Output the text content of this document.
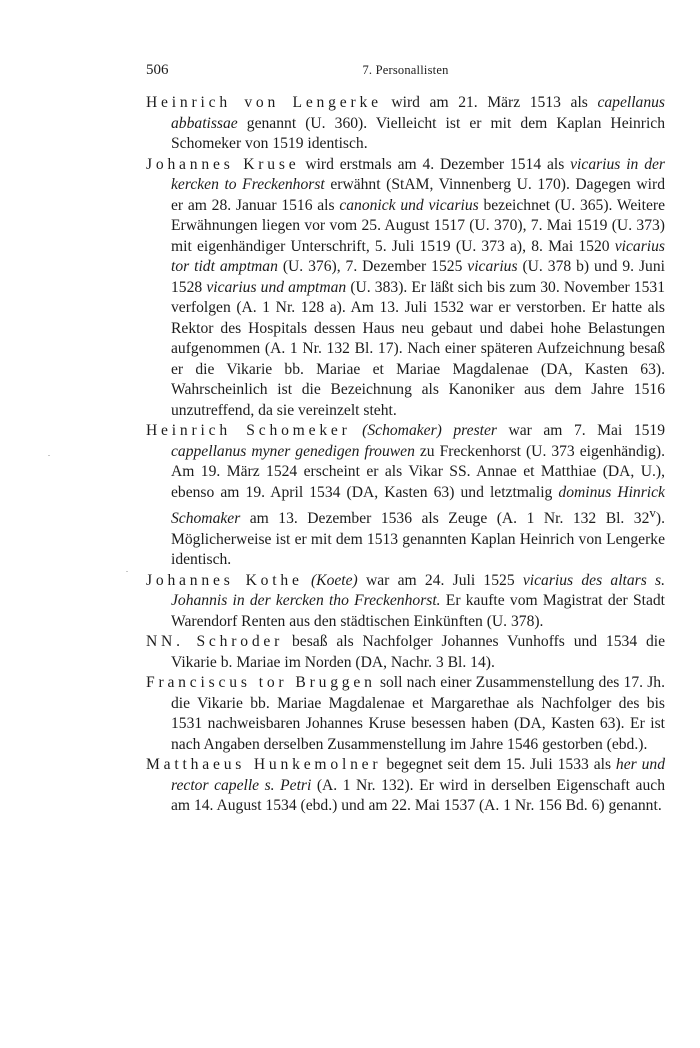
506	7. Personallisten

Heinrich von Lengerke wird am 21. März 1513 als capellanus abbatissae genannt (U. 360). Vielleicht ist er mit dem Kaplan Heinrich Schomeker von 1519 identisch.

Johannes Kruse wird erstmals am 4. Dezember 1514 als vicarius in der kercken to Freckenhorst erwähnt (StAM, Vinnenberg U. 170). Dagegen wird er am 28. Januar 1516 als canonick und vicarius bezeichnet (U. 365). Weitere Erwähnungen liegen vor vom 25. August 1517 (U. 370), 7. Mai 1519 (U. 373) mit eigenhändiger Unterschrift, 5. Juli 1519 (U. 373 a), 8. Mai 1520 vicarius tor tidt amptman (U. 376), 7. Dezember 1525 vicarius (U. 378 b) und 9. Juni 1528 vicarius und amptman (U. 383). Er läßt sich bis zum 30. November 1531 verfolgen (A. 1 Nr. 128 a). Am 13. Juli 1532 war er verstorben. Er hatte als Rektor des Hospitals dessen Haus neu gebaut und dabei hohe Belastungen aufgenommen (A. 1 Nr. 132 Bl. 17). Nach einer späteren Aufzeichnung besaß er die Vikarie bb. Mariae et Mariae Magdalenae (DA, Kasten 63). Wahrscheinlich ist die Bezeichnung als Kanoniker aus dem Jahre 1516 unzutreffend, da sie vereinzelt steht.

Heinrich Schomeker (Schomaker) prester war am 7. Mai 1519 cappellanus myner genedigen frouwen zu Freckenhorst (U. 373 eigenhändig). Am 19. März 1524 erscheint er als Vikar SS. Annae et Matthiae (DA, U.), ebenso am 19. April 1534 (DA, Kasten 63) und letztmalig dominus Hinrick Schomaker am 13. Dezember 1536 als Zeuge (A. 1 Nr. 132 Bl. 32$^v$). Möglicherweise ist er mit dem 1513 genannten Kaplan Heinrich von Lengerke identisch.

Johannes Kothe (Koete) war am 24. Juli 1525 vicarius des altars s. Johannis in der kercken tho Freckenhorst. Er kaufte vom Magistrat der Stadt Warendorf Renten aus den städtischen Einkünften (U. 378).

NN. Schroder besaß als Nachfolger Johannes Vunhoffs und 1534 die Vikarie b. Mariae im Norden (DA, Nachr. 3 Bl. 14).

Franciscus tor Bruggen soll nach einer Zusammenstellung des 17. Jh. die Vikarie bb. Mariae Magdalenae et Margarethae als Nachfolger des bis 1531 nachweisbaren Johannes Kruse besessen haben (DA, Kasten 63). Er ist nach Angaben derselben Zusammenstellung im Jahre 1546 gestorben (ebd.).

Matthaeus Hunkemolner begegnet seit dem 15. Juli 1533 als her und rector capelle s. Petri (A. 1 Nr. 132). Er wird in derselben Eigenschaft auch am 14. August 1534 (ebd.) und am 22. Mai 1537 (A. 1 Nr. 156 Bd. 6) genannt.
